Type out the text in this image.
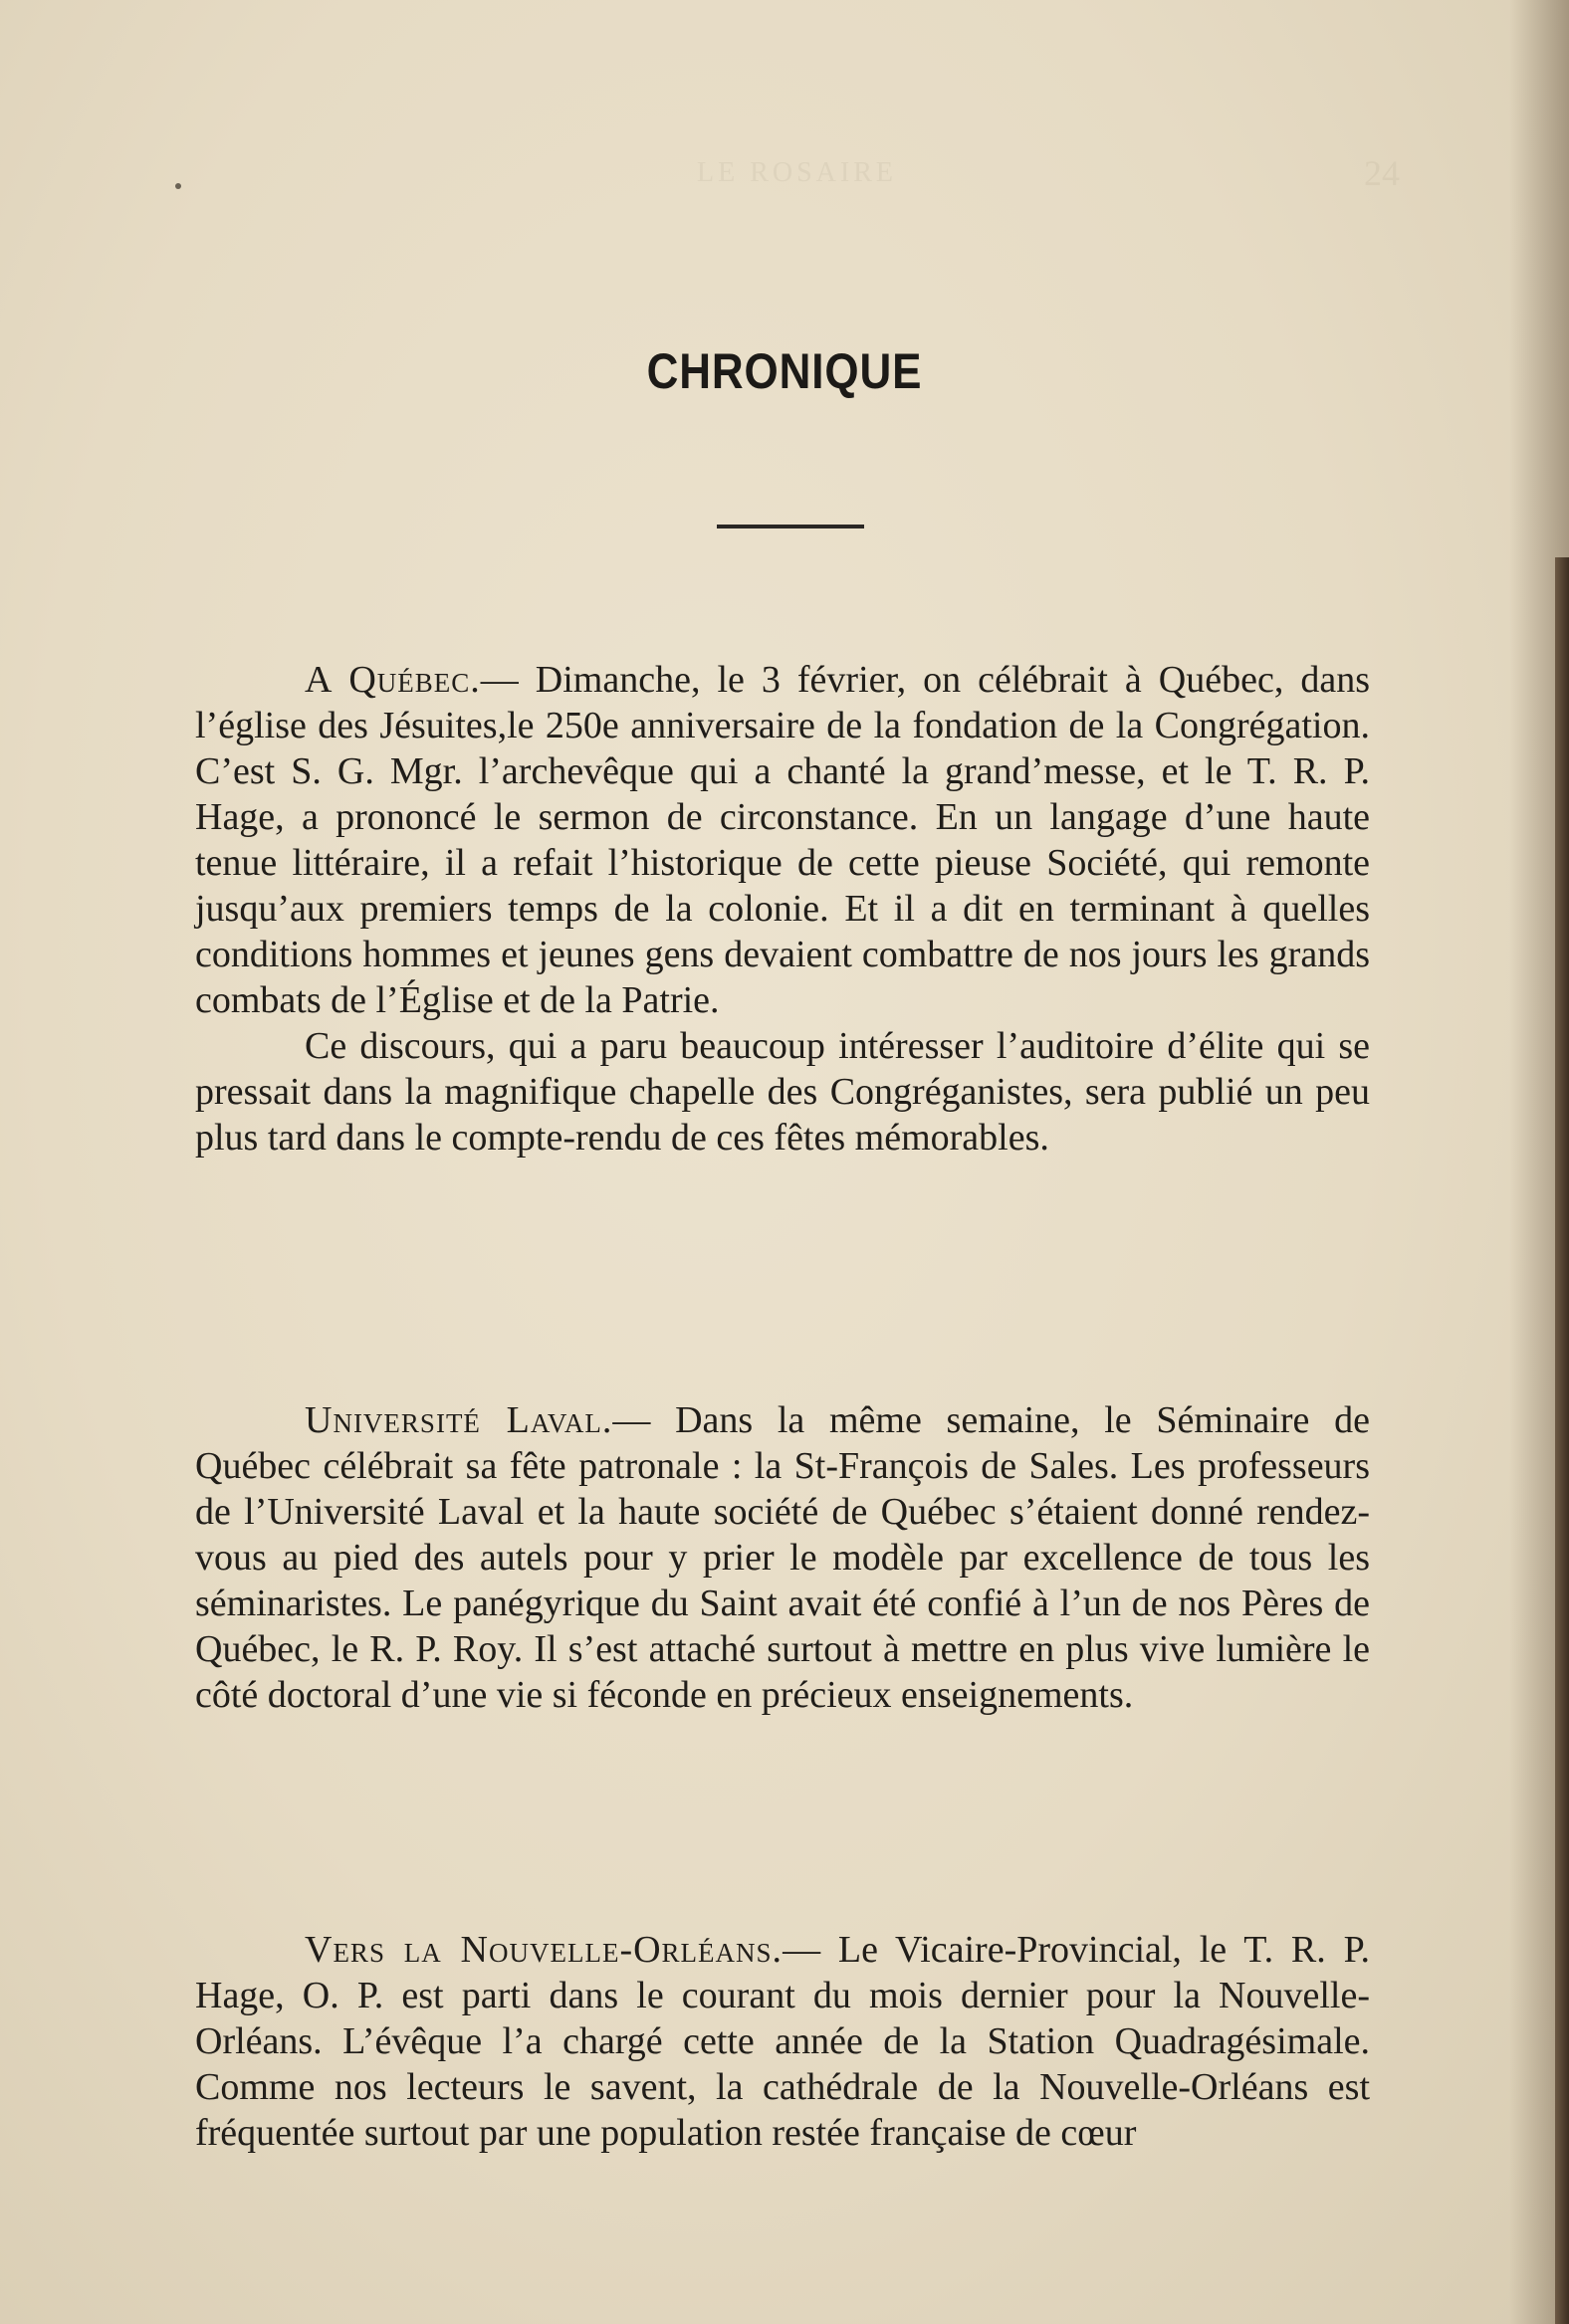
LE ROSAIRE	24
CHRONIQUE

A Québec.— Dimanche, le 3 février, on célébrait à Québec, dans l’église des Jésuites,le 250e anniversaire de la fondation de la Congrégation. C’est S. G. Mgr. l’archevêque qui a chanté la grand’messe, et le T. R. P. Hage, a prononcé le sermon de circonstance. En un langage d’une haute tenue littéraire, il a refait l’historique de cette pieuse Société, qui remonte jusqu’aux premiers temps de la colonie. Et il a dit en terminant à quelles conditions hommes et jeunes gens devaient combattre de nos jours les grands combats de l’Église et de la Patrie.

Ce discours, qui a paru beaucoup intéresser l’auditoire d’élite qui se pressait dans la magnifique chapelle des Congréganistes, sera publié un peu plus tard dans le compte-rendu de ces fêtes mémorables.

Université Laval.— Dans la même semaine, le Séminaire de Québec célébrait sa fête patronale : la St-François de Sales. Les professeurs de l’Université Laval et la haute société de Québec s’étaient donné rendez-vous au pied des autels pour y prier le modèle par excellence de tous les séminaristes. Le panégyrique du Saint avait été confié à l’un de nos Pères de Québec, le R. P. Roy. Il s’est attaché surtout à mettre en plus vive lumière le côté doctoral d’une vie si féconde en précieux enseignements.

Vers la Nouvelle-Orléans.— Le Vicaire-Provincial, le T. R. P. Hage, O. P. est parti dans le courant du mois dernier pour la Nouvelle-Orléans. L’évêque l’a chargé cette année de la Station Quadragésimale. Comme nos lecteurs le savent, la cathédrale de la Nouvelle-Orléans est fréquentée surtout par une population restée française de cœur
